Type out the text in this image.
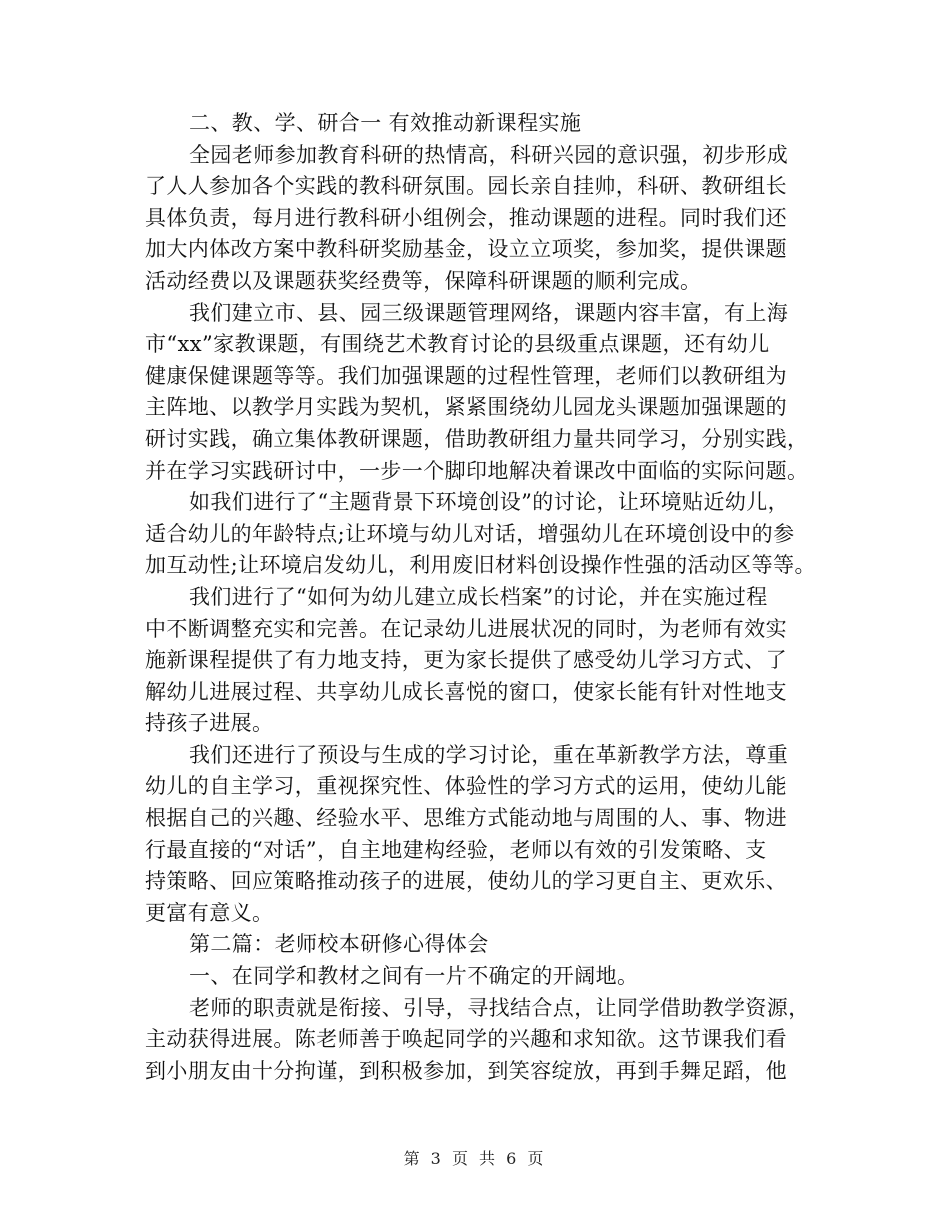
二、教、学、研合一 有效推动新课程实施
全园老师参加教育科研的热情高，科研兴园的意识强，初步形成
了人人参加各个实践的教科研氛围。园长亲自挂帅，科研、教研组长
具体负责，每月进行教科研小组例会，推动课题的进程。同时我们还
加大内体改方案中教科研奖励基金，设立立项奖，参加奖，提供课题
活动经费以及课题获奖经费等，保障科研课题的顺利完成。
我们建立市、县、园三级课题管理网络，课题内容丰富，有上海
市“xx”家教课题，有围绕艺术教育讨论的县级重点课题，还有幼儿
健康保健课题等等。我们加强课题的过程性管理，老师们以教研组为
主阵地、以教学月实践为契机，紧紧围绕幼儿园龙头课题加强课题的
研讨实践，确立集体教研课题，借助教研组力量共同学习，分别实践，
并在学习实践研讨中，一步一个脚印地解决着课改中面临的实际问题。
如我们进行了“主题背景下环境创设”的讨论，让环境贴近幼儿，
适合幼儿的年龄特点;让环境与幼儿对话，增强幼儿在环境创设中的参
加互动性;让环境启发幼儿，利用废旧材料创设操作性强的活动区等等。
我们进行了“如何为幼儿建立成长档案”的讨论，并在实施过程
中不断调整充实和完善。在记录幼儿进展状况的同时，为老师有效实
施新课程提供了有力地支持，更为家长提供了感受幼儿学习方式、了
解幼儿进展过程、共享幼儿成长喜悦的窗口，使家长能有针对性地支
持孩子进展。
我们还进行了预设与生成的学习讨论，重在革新教学方法，尊重
幼儿的自主学习，重视探究性、体验性的学习方式的运用，使幼儿能
根据自己的兴趣、经验水平、思维方式能动地与周围的人、事、物进
行最直接的“对话”，自主地建构经验，老师以有效的引发策略、支
持策略、回应策略推动孩子的进展，使幼儿的学习更自主、更欢乐、
更富有意义。
第二篇：老师校本研修心得体会
一、在同学和教材之间有一片不确定的开阔地。
老师的职责就是衔接、引导，寻找结合点，让同学借助教学资源，
主动获得进展。陈老师善于唤起同学的兴趣和求知欲。这节课我们看
到小朋友由十分拘谨，到积极参加，到笑容绽放，再到手舞足蹈，他
第 3 页 共 6 页
